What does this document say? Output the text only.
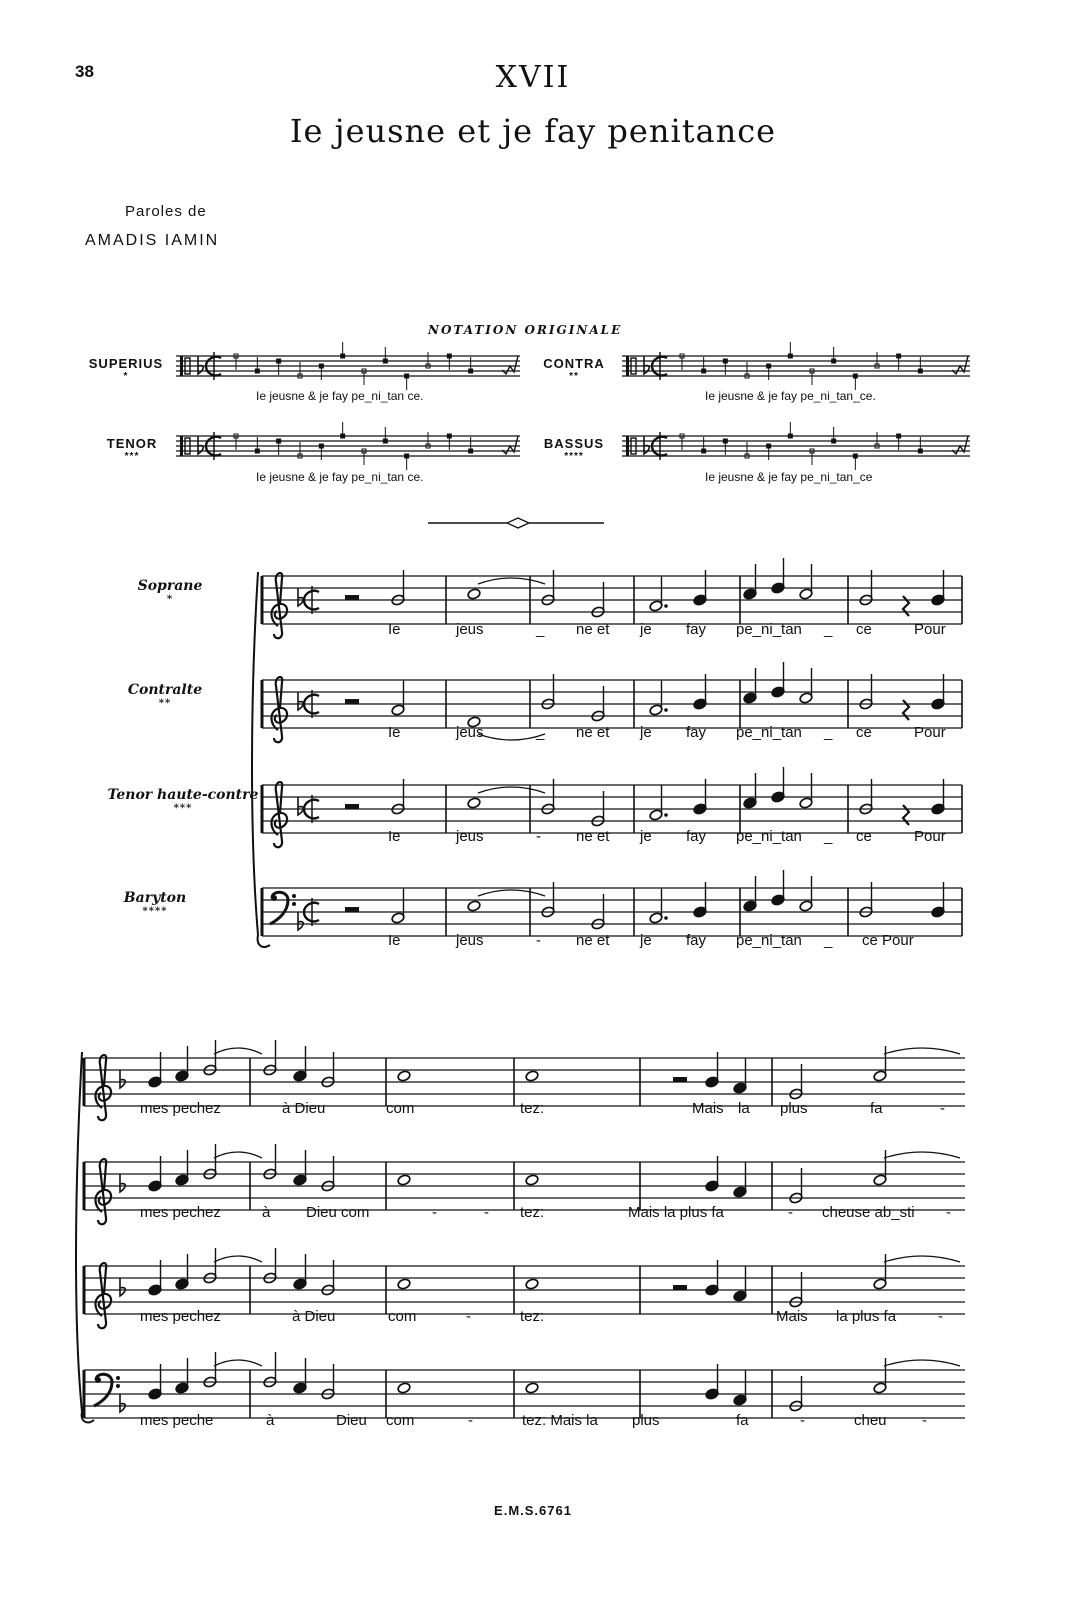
38	XVII
Ie jeusne et je fay penitance
Paroles de
AMADIS IAMIN
NOTATION ORIGINALE
SUPERIUS
*
CONTRA
**
TENOR
***
BASSUS
****
Ie jeusne & je fay pe_ni_tan ce.	Ie jeusne & je fay pe_ni_tan_ce.
Ie jeusne & je fay pe_ni_tan ce.	Ie jeusne & je fay pe_ni_tan_ce
Soprane
*
Contralte
**
Tenor haute-contre
***
Baryton
****
E.M.S.6761
Ie	jeus	_ ne et je fay pe_ni_tan _ ce	Pour
Ie	jeus	_ ne et je fay pe_ni_tan _ ce	Pour
Ie	jeus	- ne et je fay pe_ni_tan _ ce	Pour
Ie	jeus	- ne et je fay pe_ni_tan _ ce Pour
mes pechez	à Dieu	com	tez:	Mais la plus	fa	-
mes pechez	à Dieu com	-	- tez:	Mais la plus fa	- cheuse ab_sti -
mes pechez	à Dieu	com	-	tez:	Mais la plus fa	-
mes peche	à	Dieu com	-	tez: Mais la plus	fa	-	cheu -
